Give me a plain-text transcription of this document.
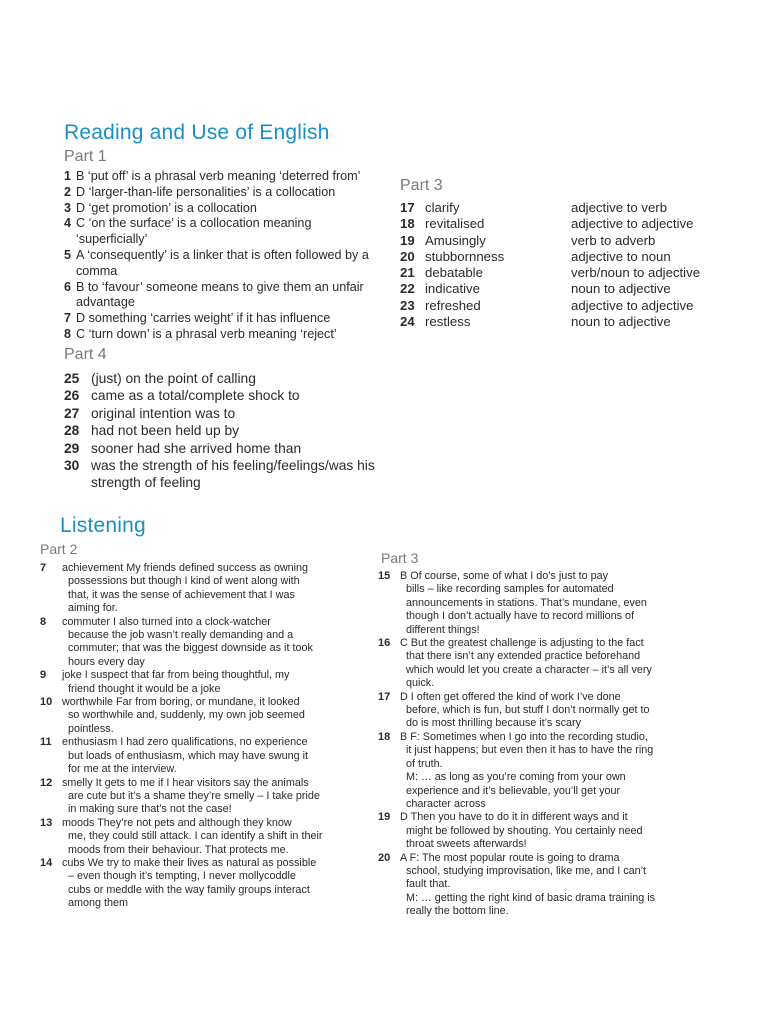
Reading and Use of English
Part 1
1 B ‘put off’ is a phrasal verb meaning ‘deterred from’
2 D ‘larger-than-life personalities’ is a collocation
3 D ‘get promotion’ is a collocation
4 C ‘on the surface’ is a collocation meaning
‘superficially’
5 A ‘consequently’ is a linker that is often followed by a
comma
6 B to ‘favour’ someone means to give them an unfair
advantage
7 D something ‘carries weight’ if it has influence
8 C ‘turn down’ is a phrasal verb meaning ‘reject’
Part 3
17 clarify	adjective to verb
18 revitalised	adjective to adjective
19 Amusingly	verb to adverb
20 stubbornness	adjective to noun
21 debatable	verb/noun to adjective
22 indicative	noun to adjective
23 refreshed	adjective to adjective
24 restless	noun to adjective
Part 4
25 (just) on the point of calling
26 came as a total/complete shock to
27 original intention was to
28 had not been held up by
29 sooner had she arrived home than
30 was the strength of his feeling/feelings/was his
strength of feeling
Listening
Part 2
7 achievement My friends defined success as owning
possessions but though I kind of went along with
that, it was the sense of achievement that I was
aiming for.
8 commuter I also turned into a clock-watcher
because the job wasn’t really demanding and a
commuter; that was the biggest downside as it took
hours every day
9 joke I suspect that far from being thoughtful, my
friend thought it would be a joke
10 worthwhile Far from boring, or mundane, it looked
so worthwhile and, suddenly, my own job seemed
pointless.
11 enthusiasm I had zero qualifications, no experience
but loads of enthusiasm, which may have swung it
for me at the interview.
12 smelly It gets to me if I hear visitors say the animals
are cute but it’s a shame they’re smelly – I take pride
in making sure that’s not the case!
13 moods They’re not pets and although they know
me, they could still attack. I can identify a shift in their
moods from their behaviour. That protects me.
14 cubs We try to make their lives as natural as possible
– even though it’s tempting, I never mollycoddle
cubs or meddle with the way family groups interact
among them
Part 3
15 B Of course, some of what I do’s just to pay
bills – like recording samples for automated
announcements in stations. That’s mundane, even
though I don’t actually have to record millions of
different things!
16 C But the greatest challenge is adjusting to the fact
that there isn’t any extended practice beforehand
which would let you create a character – it’s all very
quick.
17 D I often get offered the kind of work I’ve done
before, which is fun, but stuff I don’t normally get to
do is most thrilling because it’s scary
18 B F: Sometimes when I go into the recording studio,
it just happens; but even then it has to have the ring
of truth.
M: … as long as you’re coming from your own
experience and it’s believable, you’ll get your
character across
19 D Then you have to do it in different ways and it
might be followed by shouting. You certainly need
throat sweets afterwards!
20 A F: The most popular route is going to drama
school, studying improvisation, like me, and I can’t
fault that.
M: … getting the right kind of basic drama training is
really the bottom line.
